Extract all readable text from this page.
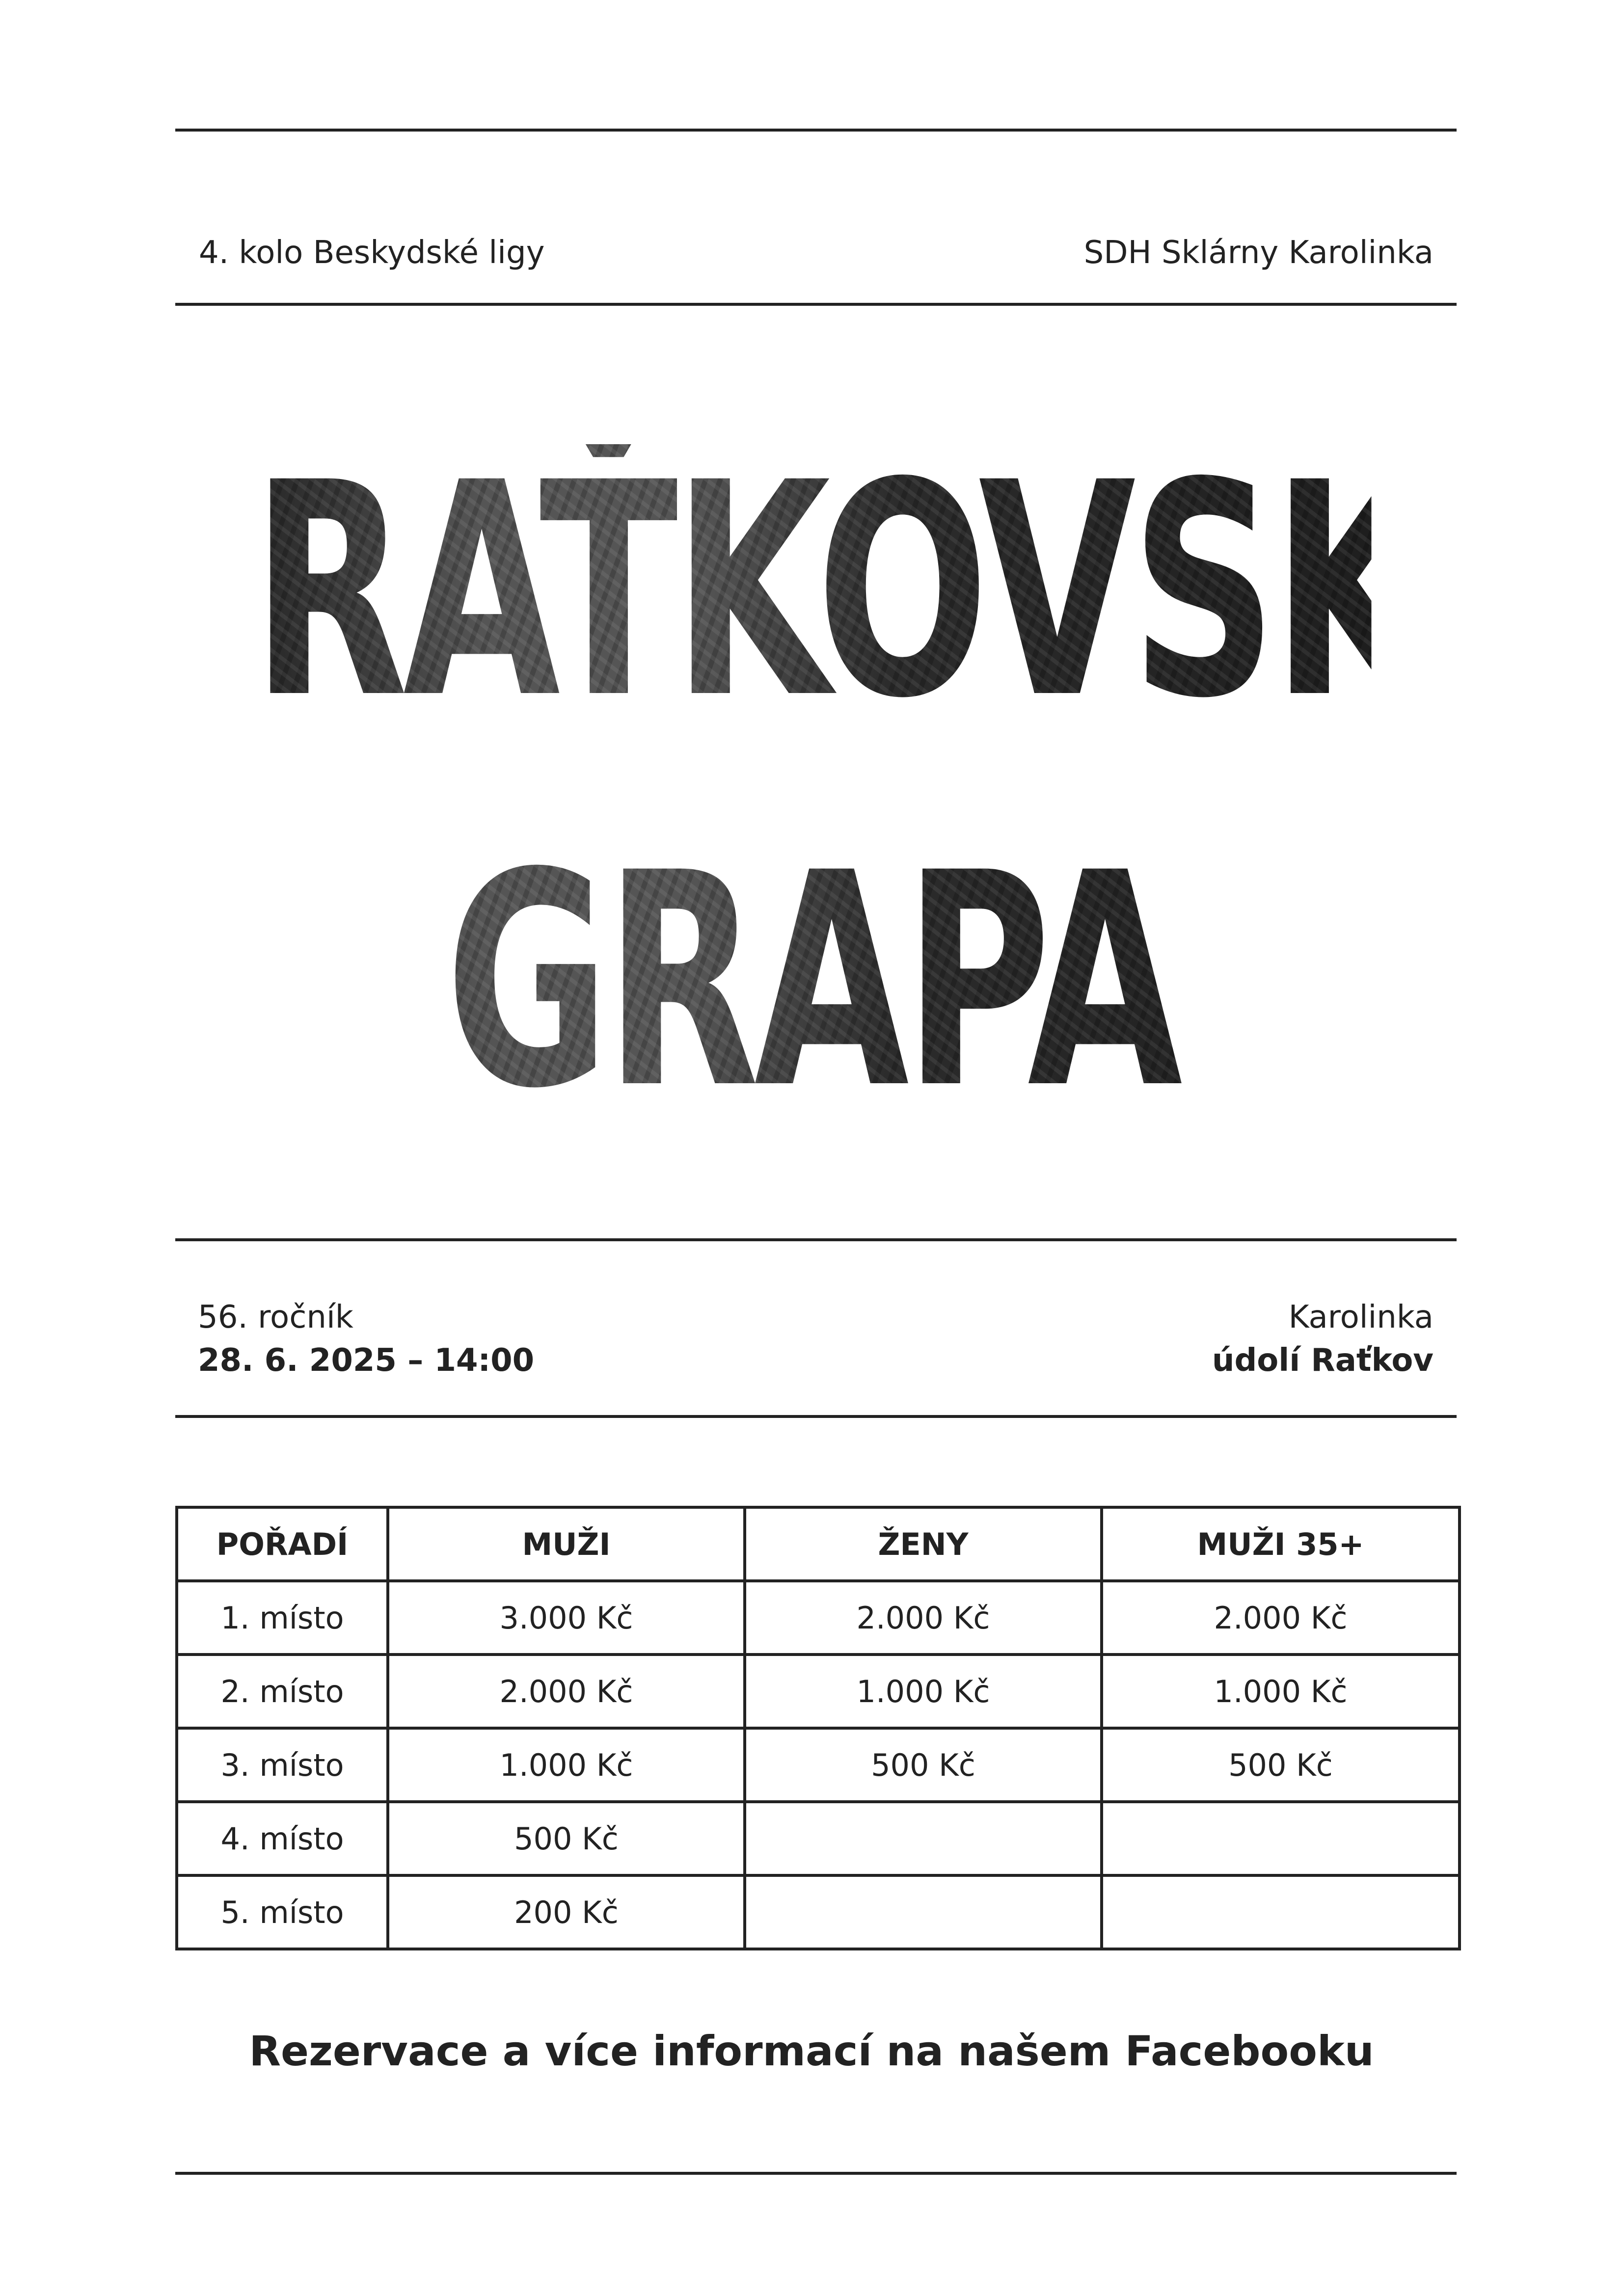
4. kolo Beskydské ligy	SDH Sklárny Karolinka
RAŤKOVSKÁ
GRAPA
56. ročník
28. 6. 2025 – 14:00
Karolinka
údolí Raťkov
POŘADÍ	MUŽI	ŽENY	MUŽI 35+
1. místo	3.000 Kč	2.000 Kč	2.000 Kč
2. místo	2.000 Kč	1.000 Kč	1.000 Kč
3. místo	1.000 Kč	500 Kč	500 Kč
4. místo	500 Kč		
5. místo	200 Kč		
Rezervace a více informací na našem Facebooku
